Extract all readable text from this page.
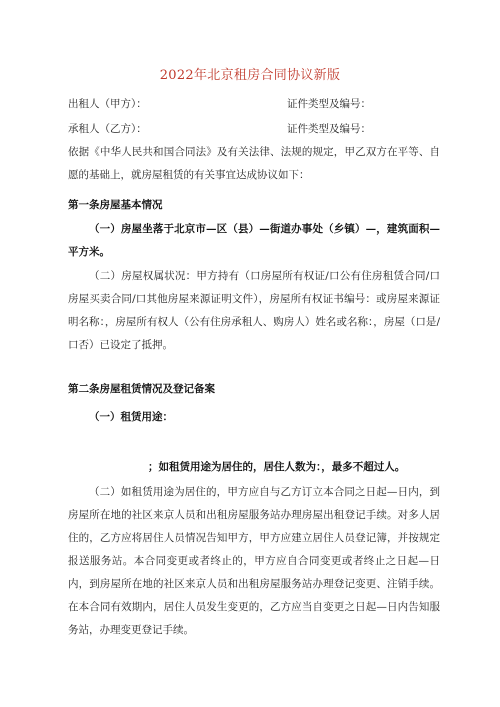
2022年北京租房合同协议新版
出租人（甲方）：	证件类型及编号：
承租人（乙方）：	证件类型及编号：
依据《中华人民共和国合同法》及有关法律、法规的规定，甲乙双方在平等、自愿的基础上，就房屋租赁的有关事宜达成协议如下：
第一条房屋基本情况
（一）房屋坐落于北京市—区（县）—街道办事处（乡镇）—，建筑面积—平方米。
（二）房屋权属状况：甲方持有（口房屋所有权证/口公有住房租赁合同/口房屋买卖合同/口其他房屋来源证明文件），房屋所有权证书编号：或房屋来源证明名称：，房屋所有权人（公有住房承租人、购房人）姓名或名称：，房屋（口是/口否）已设定了抵押。
第二条房屋租赁情况及登记备案
（一）租赁用途：
；如租赁用途为居住的，居住人数为：，最多不超过人。
（二）如租赁用途为居住的，甲方应自与乙方订立本合同之日起—日内，到房屋所在地的社区来京人员和出租房屋服务站办理房屋出租登记手续。对多人居住的，乙方应将居住人员情况告知甲方，甲方应建立居住人员登记簿，并按规定报送服务站。本合同变更或者终止的，甲方应自合同变更或者终止之日起—日内，到房屋所在地的社区来京人员和出租房屋服务站办理登记变更、注销手续。在本合同有效期内，居住人员发生变更的，乙方应当自变更之日起—日内告知服务站，办理变更登记手续。
